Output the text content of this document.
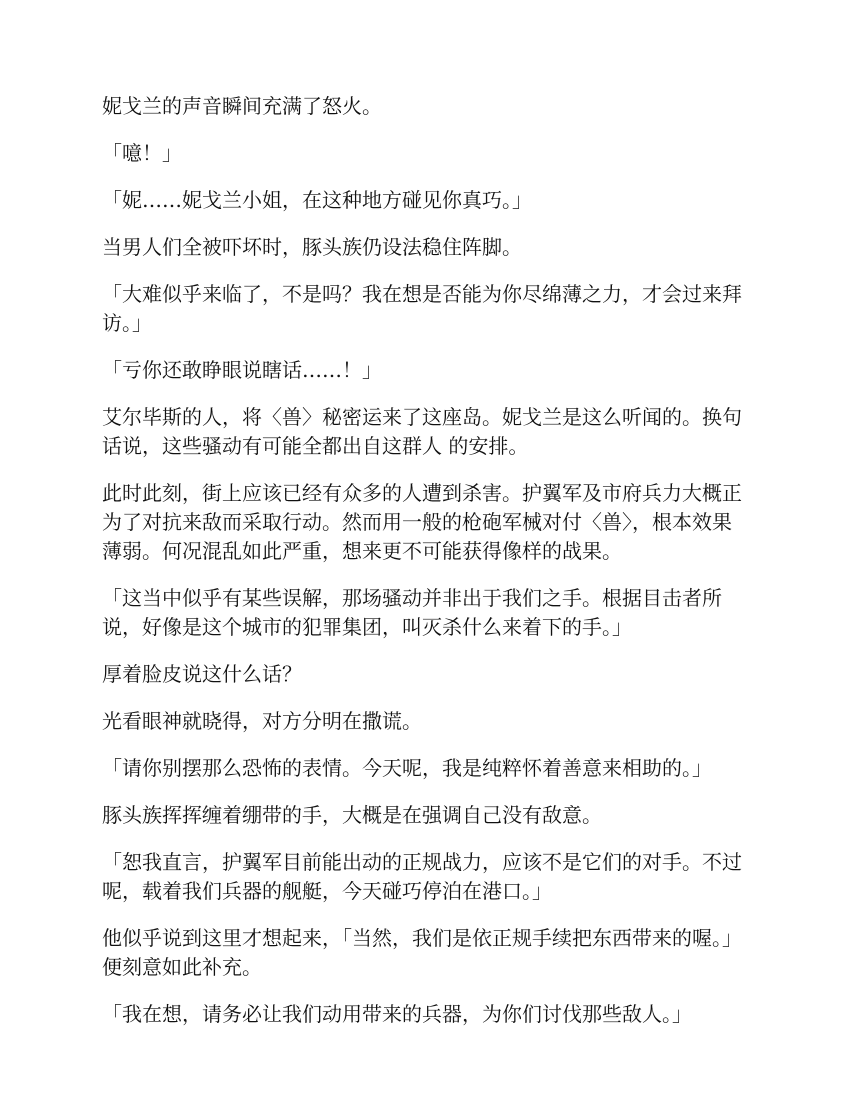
妮戈兰的声音瞬间充满了怒火。

「噫！」

「妮……妮戈兰小姐，在这种地方碰见你真巧。」

当男人们全被吓坏时，豚头族仍设法稳住阵脚。

「大难似乎来临了，不是吗？我在想是否能为你尽绵薄之力，才会过来拜访。」

「亏你还敢睁眼说瞎话……！」

艾尔毕斯的人，将〈兽〉秘密运来了这座岛。妮戈兰是这么听闻的。换句话说，这些骚动有可能全都出自这群人 的安排。

此时此刻，街上应该已经有众多的人遭到杀害。护翼军及市府兵力大概正为了对抗来敌而采取行动。然而用一般的枪砲军械对付〈兽〉，根本效果薄弱。何况混乱如此严重，想来更不可能获得像样的战果。

「这当中似乎有某些误解，那场骚动并非出于我们之手。根据目击者所说，好像是这个城市的犯罪集团，叫灭杀什么来着下的手。」

厚着脸皮说这什么话？

光看眼神就晓得，对方分明在撒谎。

「请你别摆那么恐怖的表情。今天呢，我是纯粹怀着善意来相助的。」

豚头族挥挥缠着绷带的手，大概是在强调自己没有敌意。

「恕我直言，护翼军目前能出动的正规战力，应该不是它们的对手。不过呢，载着我们兵器的舰艇，今天碰巧停泊在港口。」

他似乎说到这里才想起来，「当然，我们是依正规手续把东西带来的喔。」便刻意如此补充。

「我在想，请务必让我们动用带来的兵器，为你们讨伐那些敌人。」
